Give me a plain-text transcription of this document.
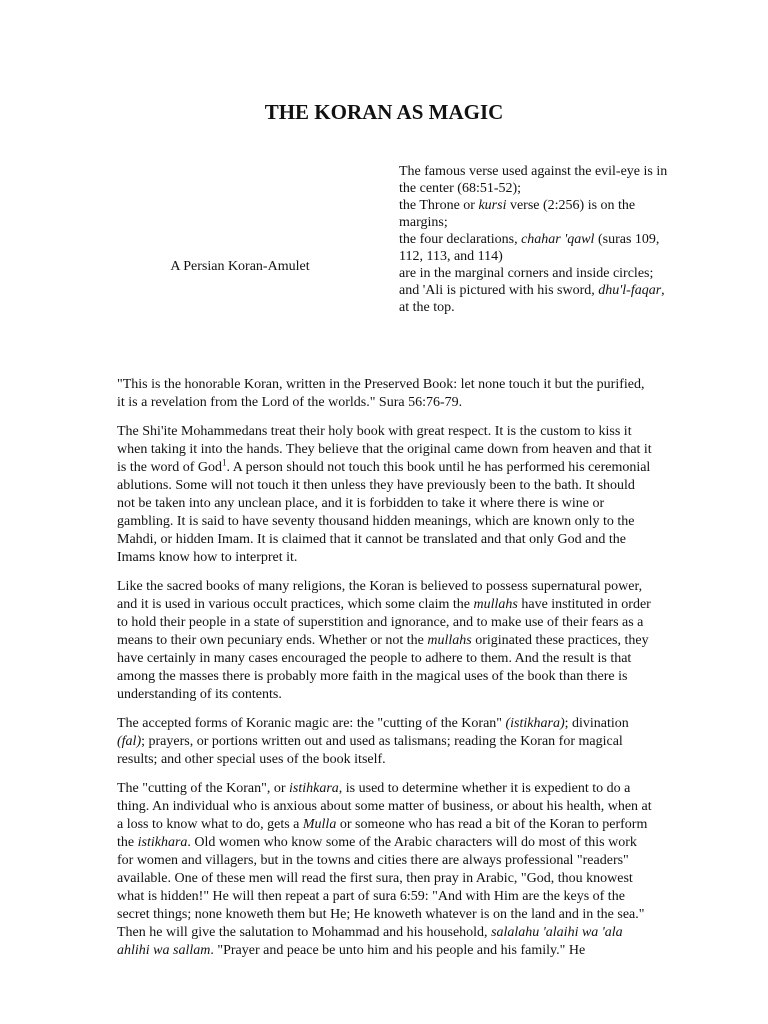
THE KORAN AS MAGIC
A Persian Koran-Amulet
The famous verse used against the evil-eye is in the center (68:51-52);
the Throne or kursi verse (2:256) is on the margins;
the four declarations, chahar 'qawl (suras 109, 112, 113, and 114)
are in the marginal corners and inside circles;
and 'Ali is pictured with his sword, dhu'l-faqar, at the top.

"This is the honorable Koran, written in the Preserved Book: let none touch it but the purified, it is a revelation from the Lord of the worlds." Sura 56:76-79.

The Shi'ite Mohammedans treat their holy book with great respect. It is the custom to kiss it when taking it into the hands. They believe that the original came down from heaven and that it is the word of God$^1$. A person should not touch this book until he has performed his ceremonial ablutions. Some will not touch it then unless they have previously been to the bath. It should not be taken into any unclean place, and it is forbidden to take it where there is wine or gambling. It is said to have seventy thousand hidden meanings, which are known only to the Mahdi, or hidden Imam. It is claimed that it cannot be translated and that only God and the Imams know how to interpret it.

Like the sacred books of many religions, the Koran is believed to possess supernatural power, and it is used in various occult practices, which some claim the mullahs have instituted in order to hold their people in a state of superstition and ignorance, and to make use of their fears as a means to their own pecuniary ends. Whether or not the mullahs originated these practices, they have certainly in many cases encouraged the people to adhere to them. And the result is that among the masses there is probably more faith in the magical uses of the book than there is understanding of its contents.

The accepted forms of Koranic magic are: the "cutting of the Koran" (istikhara); divination (fal); prayers, or portions written out and used as talismans; reading the Koran for magical results; and other special uses of the book itself.

The "cutting of the Koran", or istihkara, is used to determine whether it is expedient to do a thing. An individual who is anxious about some matter of business, or about his health, when at a loss to know what to do, gets a Mulla or someone who has read a bit of the Koran to perform the istikhara. Old women who know some of the Arabic characters will do most of this work for women and villagers, but in the towns and cities there are always professional "readers" available. One of these men will read the first sura, then pray in Arabic, "God, thou knowest what is hidden!" He will then repeat a part of sura 6:59: "And with Him are the keys of the secret things; none knoweth them but He; He knoweth whatever is on the land and in the sea." Then he will give the salutation to Mohammad and his household, salalahu 'alaihi wa 'ala ahlihi wa sallam. "Prayer and peace be unto him and his people and his family." He
